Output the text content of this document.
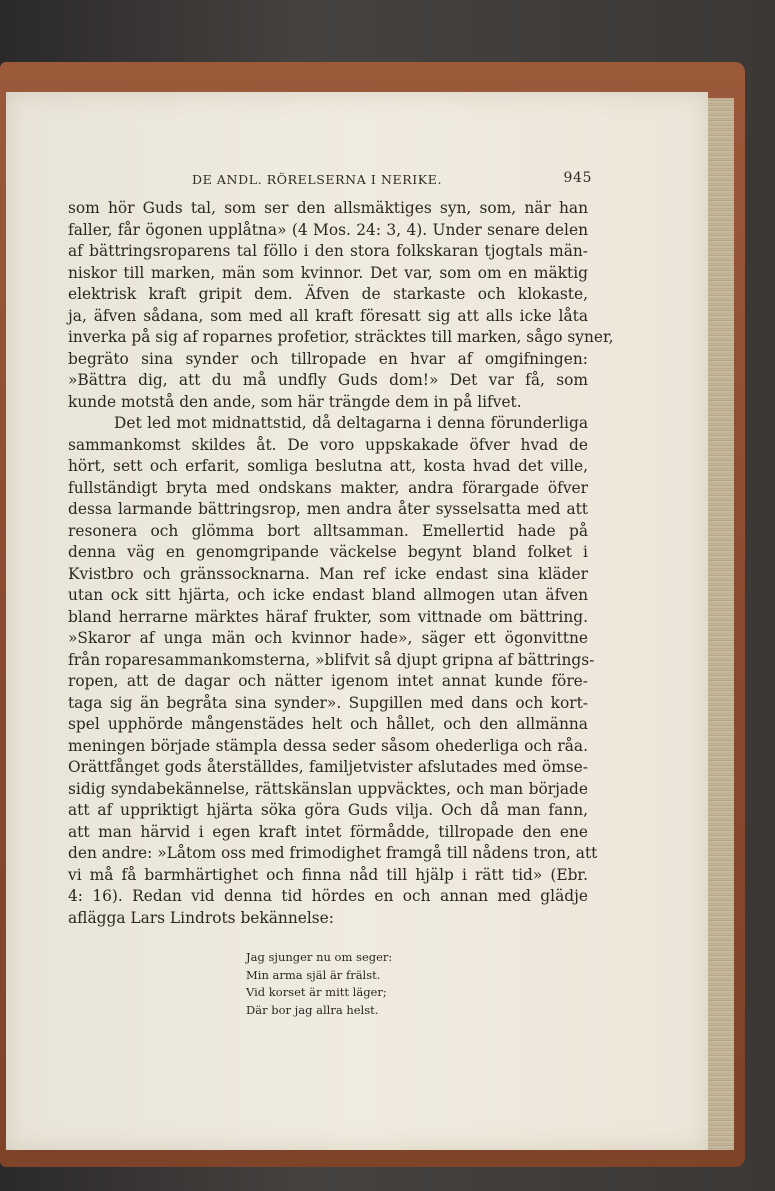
DE ANDL. RÖRELSERNA I NERIKE.	945
som hör Guds tal, som ser den allsmäktiges syn, som, när han
faller, får ögonen upplåtna» (4 Mos. 24: 3, 4). Under senare delen
af bättringsroparens tal föllo i den stora folkskaran tjogtals män-
niskor till marken, män som kvinnor. Det var, som om en mäktig
elektrisk kraft gripit dem. Äfven de starkaste och klokaste,
ja, äfven sådana, som med all kraft föresatt sig att alls icke låta
inverka på sig af roparnes profetior, sträcktes till marken, sågo syner,
begräto sina synder och tillropade en hvar af omgifningen:
»Bättra dig, att du må undfly Guds dom!» Det var få, som
kunde motstå den ande, som här trängde dem in på lifvet.
Det led mot midnattstid, då deltagarna i denna förunderliga
sammankomst skildes åt. De voro uppskakade öfver hvad de
hört, sett och erfarit, somliga beslutna att, kosta hvad det ville,
fullständigt bryta med ondskans makter, andra förargade öfver
dessa larmande bättringsrop, men andra åter sysselsatta med att
resonera och glömma bort alltsamman. Emellertid hade på
denna väg en genomgripande väckelse begynt bland folket i
Kvistbro och gränssocknarna. Man ref icke endast sina kläder
utan ock sitt hjärta, och icke endast bland allmogen utan äfven
bland herrarne märktes häraf frukter, som vittnade om bättring.
»Skaror af unga män och kvinnor hade», säger ett ögonvittne
från roparesammankomsterna, »blifvit så djupt gripna af bättrings-
ropen, att de dagar och nätter igenom intet annat kunde före-
taga sig än begråta sina synder». Supgillen med dans och kort-
spel upphörde mångenstädes helt och hållet, och den allmänna
meningen började stämpla dessa seder såsom ohederliga och råa.
Orättfånget gods återställdes, familjetvister afslutades med ömse-
sidig syndabekännelse, rättskänslan uppväcktes, och man började
att af uppriktigt hjärta söka göra Guds vilja. Och då man fann,
att man härvid i egen kraft intet förmådde, tillropade den ene
den andre: »Låtom oss med frimodighet framgå till nådens tron, att
vi må få barmhärtighet och finna nåd till hjälp i rätt tid» (Ebr.
4: 16). Redan vid denna tid hördes en och annan med glädje
aflägga Lars Lindrots bekännelse:
Jag sjunger nu om seger:
Min arma själ är frälst.
Vid korset är mitt läger;
Där bor jag allra helst.
